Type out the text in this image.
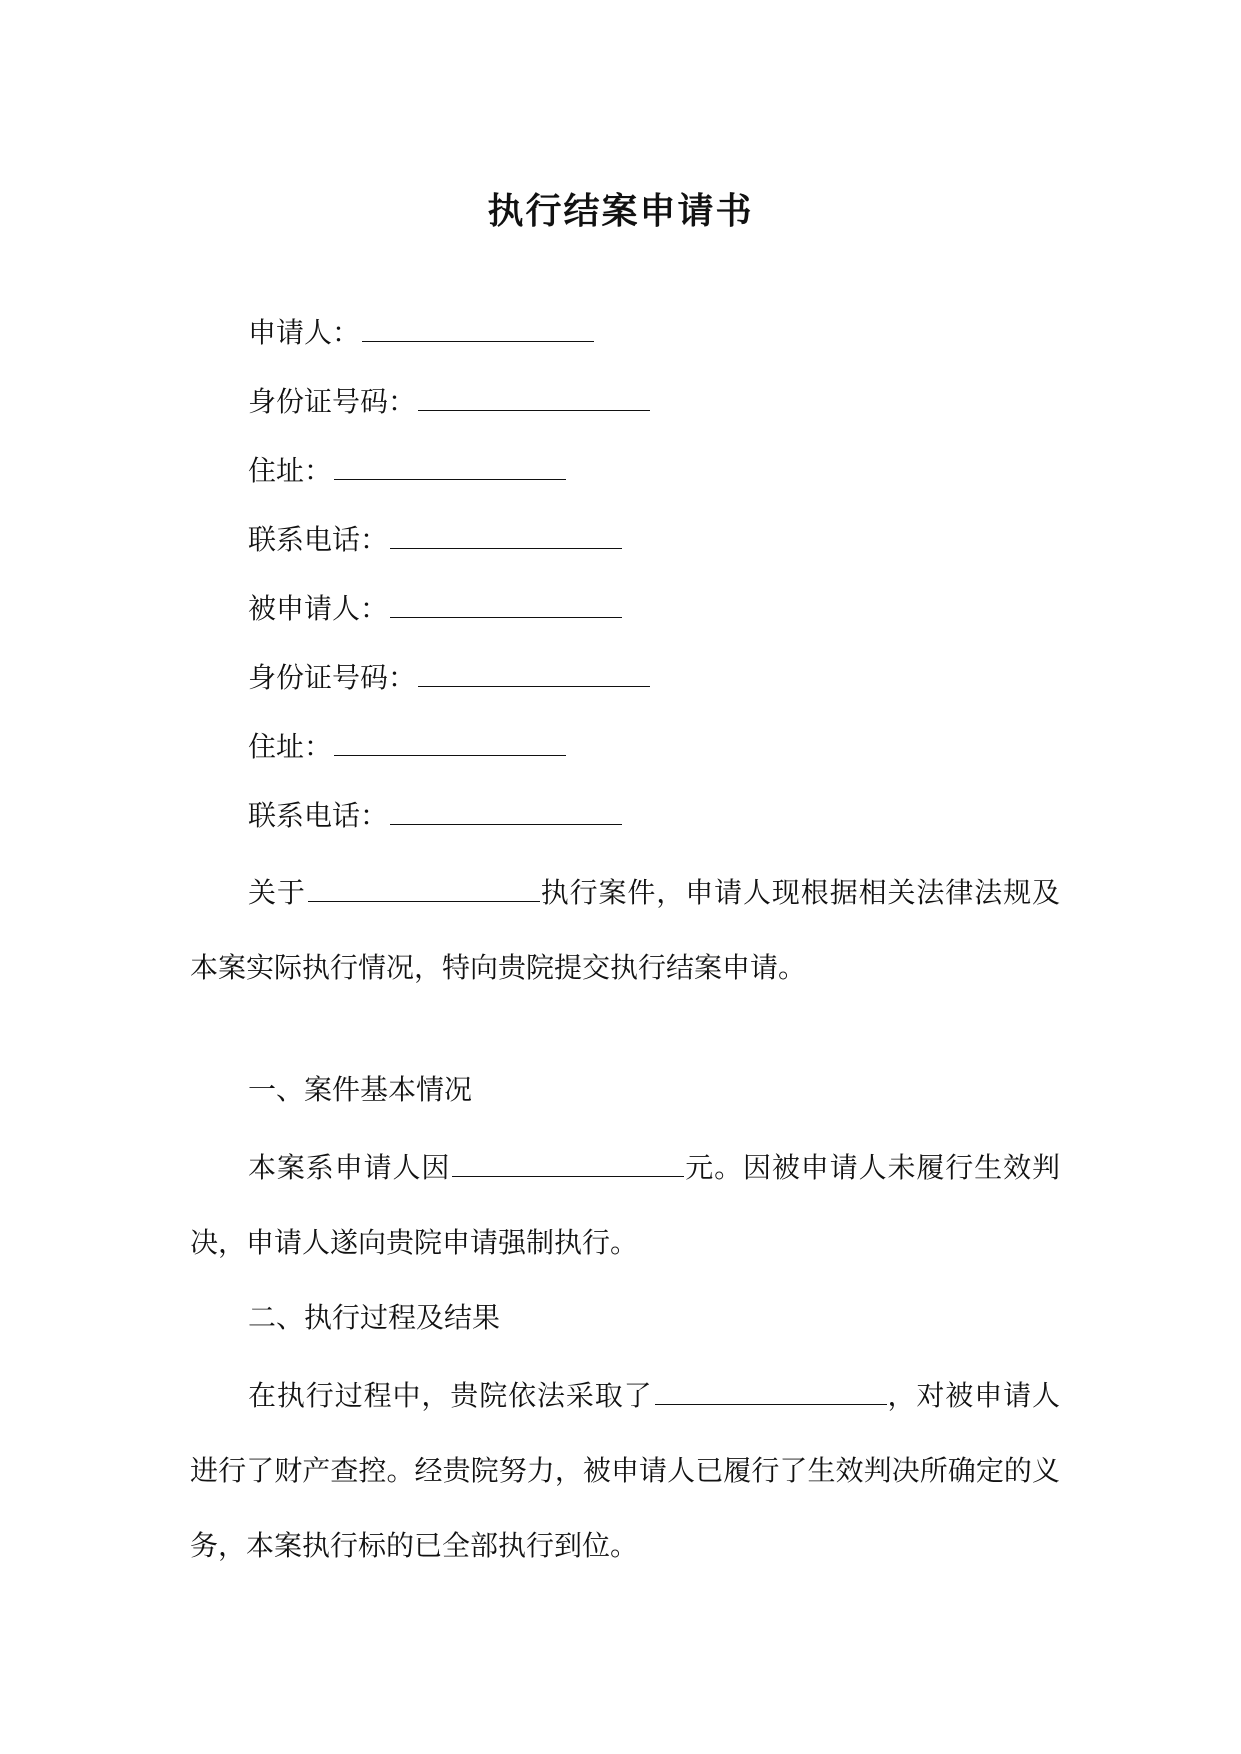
执行结案申请书
申请人：
身份证号码：
住址：
联系电话：
被申请人：
身份证号码：
住址：
联系电话：

关于	执行案件，申请人现根据相关法律法规及本案实际执行情况，特向贵院提交执行结案申请。

一、案件基本情况

本案系申请人因	元。因被申请人未履行生效判决，申请人遂向贵院申请强制执行。

二、执行过程及结果

在执行过程中，贵院依法采取了	，对被申请人进行了财产查控。经贵院努力，被申请人已履行了生效判决所确定的义务，本案执行标的已全部执行到位。
